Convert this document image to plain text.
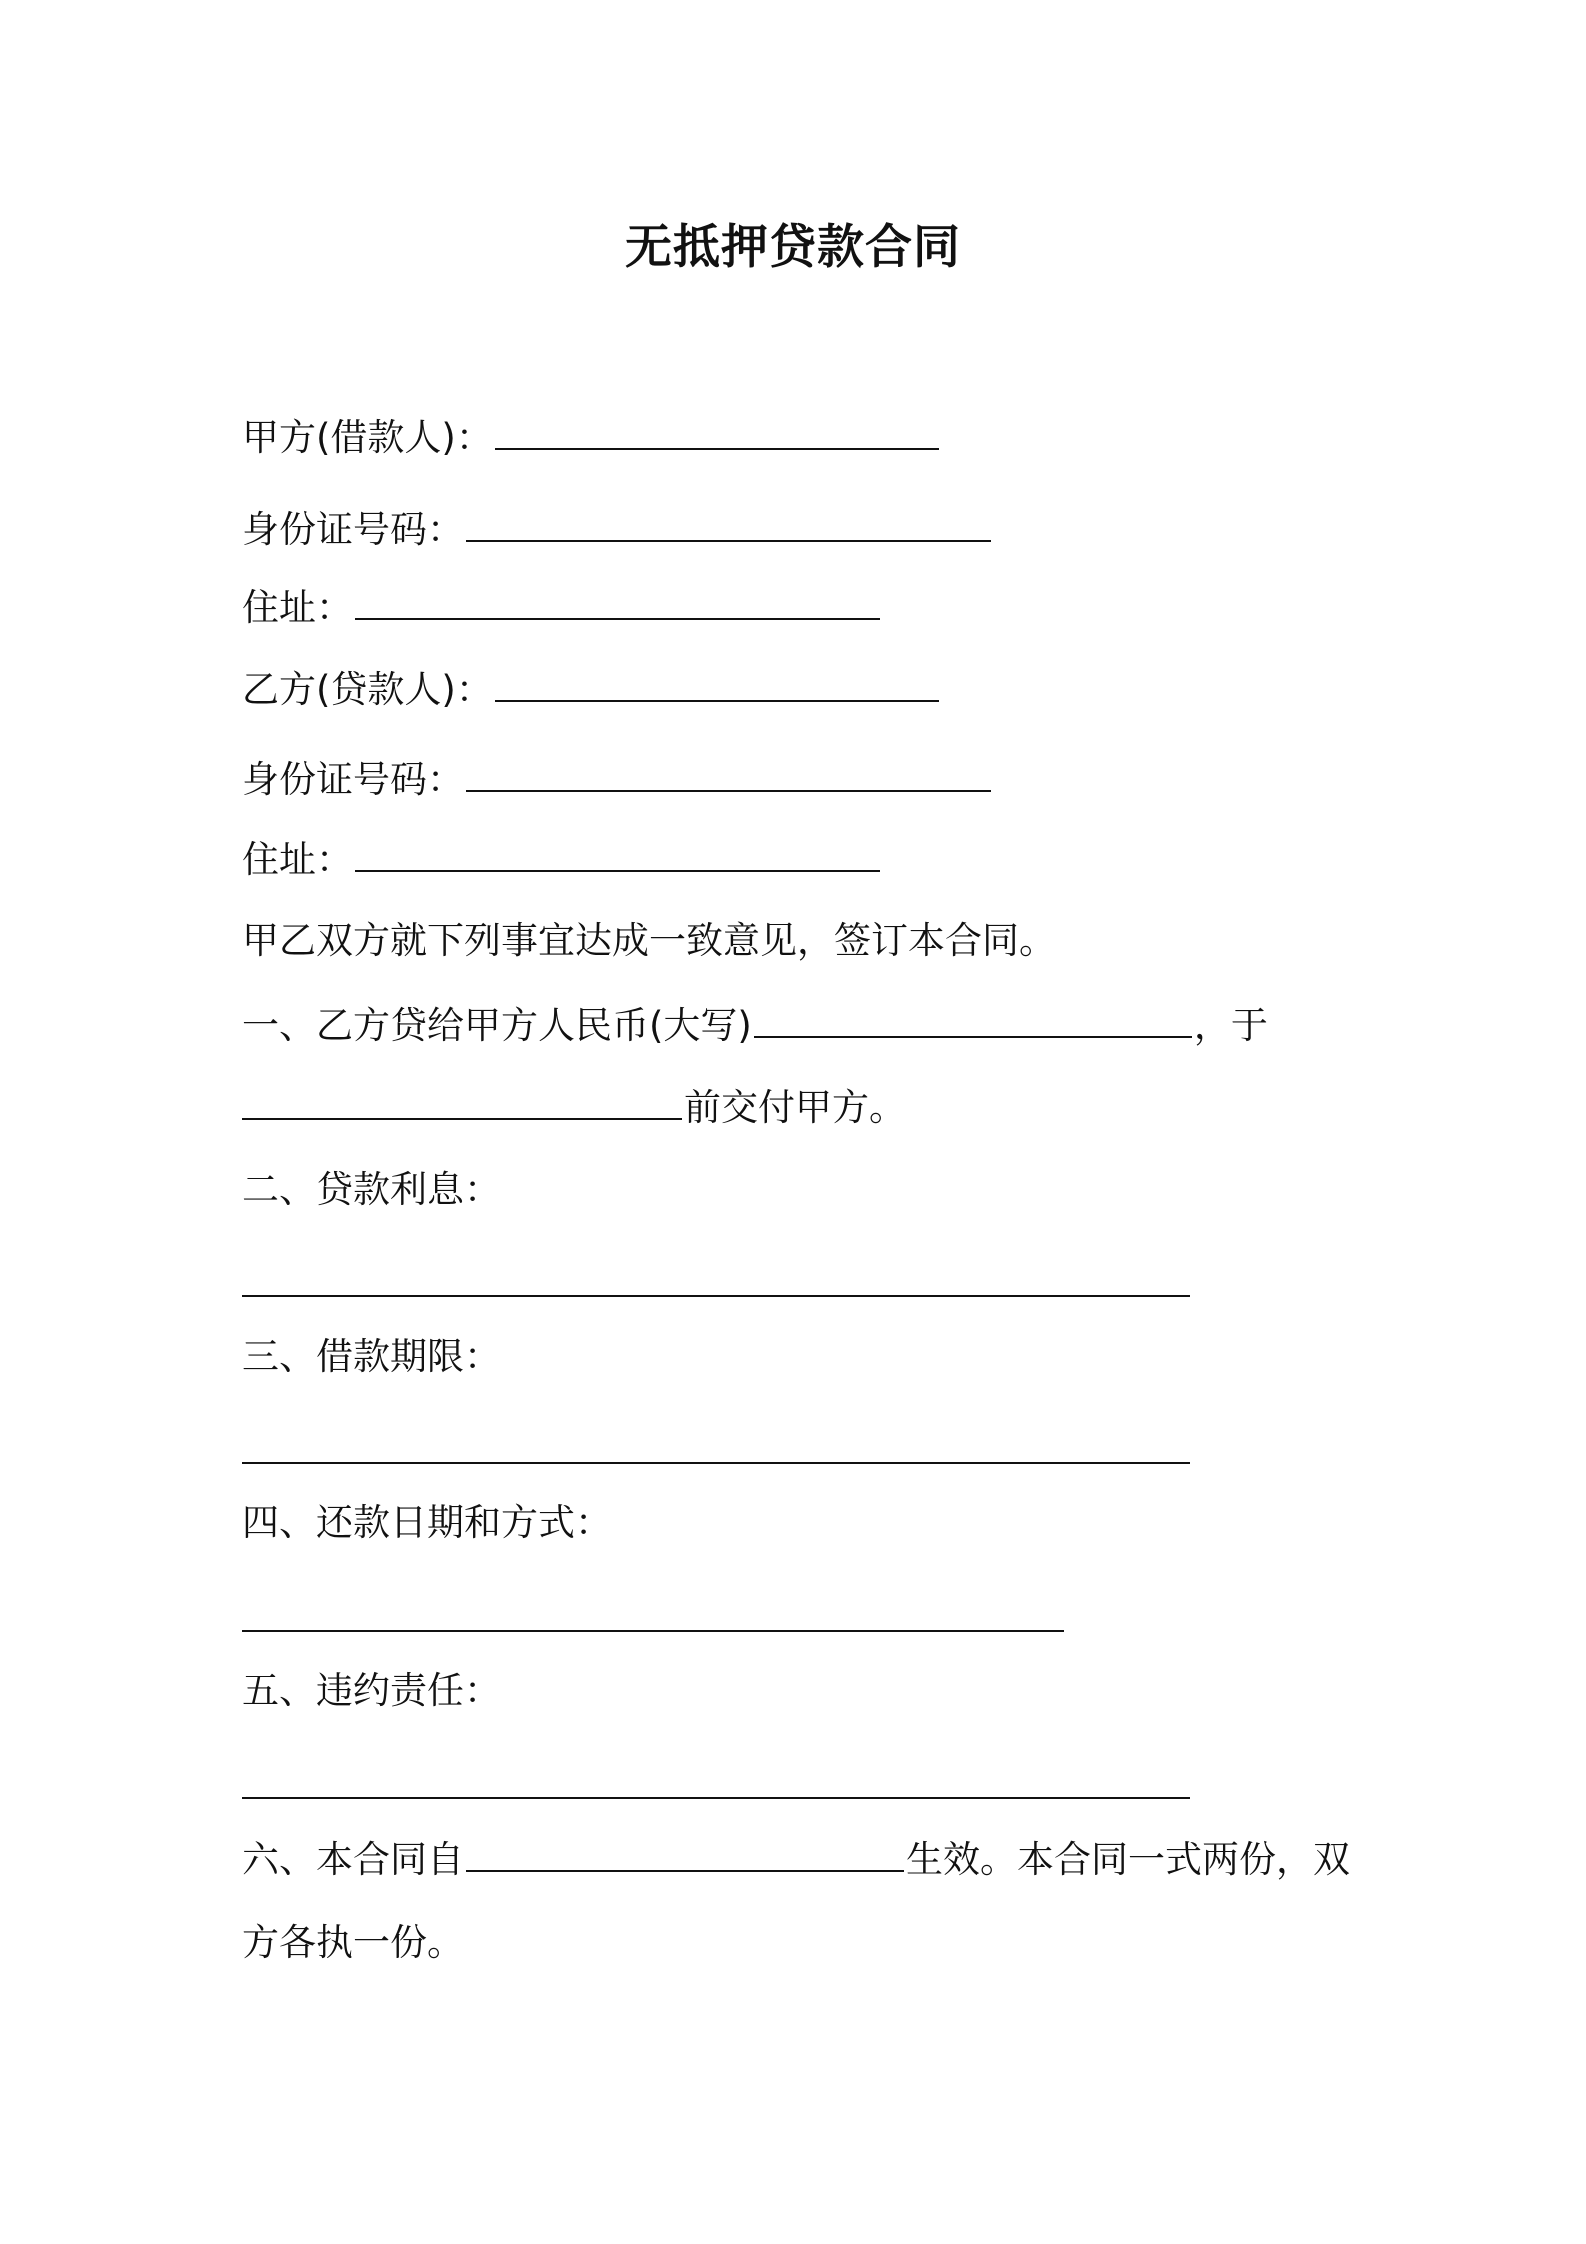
无抵押贷款合同
甲方(借款人)：
身份证号码：
住址：
乙方(贷款人)：
身份证号码：
住址：
甲乙双方就下列事宜达成一致意见，签订本合同。
一、乙方贷给甲方人民币(大写)	，于
前交付甲方。
二、贷款利息：
三、借款期限：
四、还款日期和方式：
五、违约责任：
六、本合同自	生效。本合同一式两份，双
方各执一份。
